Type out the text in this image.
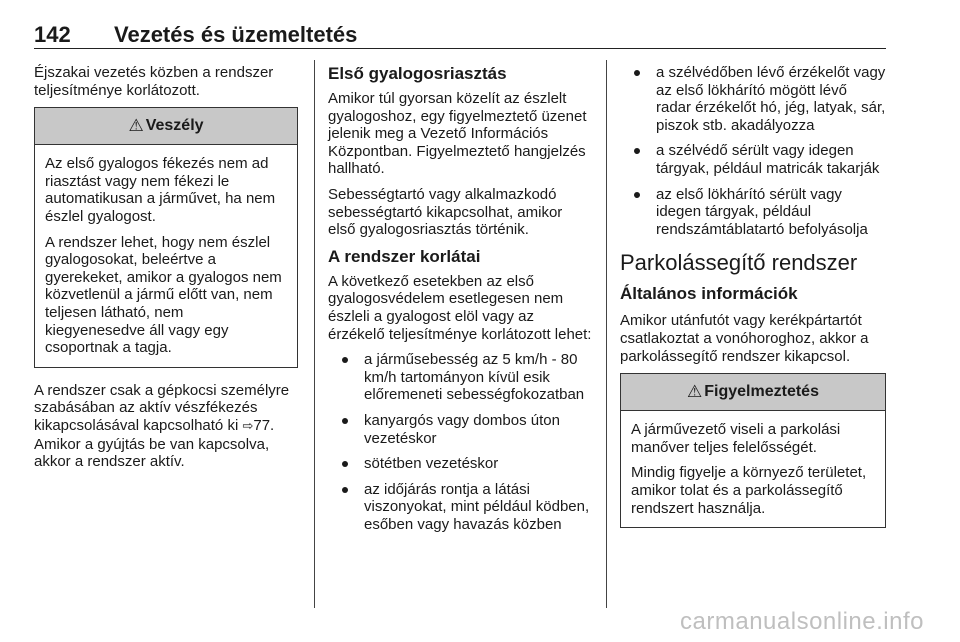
142 Vezetés és üzemeltetés

Éjszakai vezetés közben a rendszer teljesítménye korlátozott.

⚠ Veszély

Az első gyalogos fékezés nem ad riasztást vagy nem fékezi le automatikusan a járművet, ha nem észlel gyalogost.

A rendszer lehet, hogy nem észlel gyalogosokat, beleértve a gyerekeket, amikor a gyalogos nem közvetlenül a jármű előtt van, nem teljesen látható, nem kiegyenesedve áll vagy egy csoportnak a tagja.

A rendszer csak a gépkocsi személyre szabásában az aktív vészfékezés kikapcsolásával kapcsolható ki ⇨77. Amikor a gyújtás be van kapcsolva, akkor a rendszer aktív.

Első gyalogosriasztás

Amikor túl gyorsan közelít az észlelt gyalogoshoz, egy figyelmeztető üzenet jelenik meg a Vezető Információs Központban. Figyelmeztető hangjelzés hallható.

Sebességtartó vagy alkalmazkodó sebességtartó kikapcsolhat, amikor első gyalogosriasztás történik.

A rendszer korlátai

A következő esetekben az első gyalogosvédelem esetlegesen nem észleli a gyalogost elöl vagy az érzékelő teljesítménye korlátozott lehet:

a járműsebesség az 5 km/h - 80 km/h tartományon kívül esik előremeneti sebességfokozatban
kanyargós vagy dombos úton vezetéskor
sötétben vezetéskor
az időjárás rontja a látási viszonyokat, mint például ködben, esőben vagy havazás közben
a szélvédőben lévő érzékelőt vagy az első lökhárító mögött lévő radar érzékelőt hó, jég, latyak, sár, piszok stb. akadályozza
a szélvédő sérült vagy idegen tárgyak, például matricák takarják
az első lökhárító sérült vagy idegen tárgyak, például rendszámtáblatartó befolyásolja
Parkolássegítő rendszer
Általános információk

Amikor utánfutót vagy kerékpártartót csatlakoztat a vonóhoroghoz, akkor a parkolássegítő rendszer kikapcsol.

⚠ Figyelmeztetés

A járművezető viseli a parkolási manőver teljes felelősségét.

Mindig figyelje a környező területet, amikor tolat és a parkolássegítő rendszert használja.

carmanualsonline.info
